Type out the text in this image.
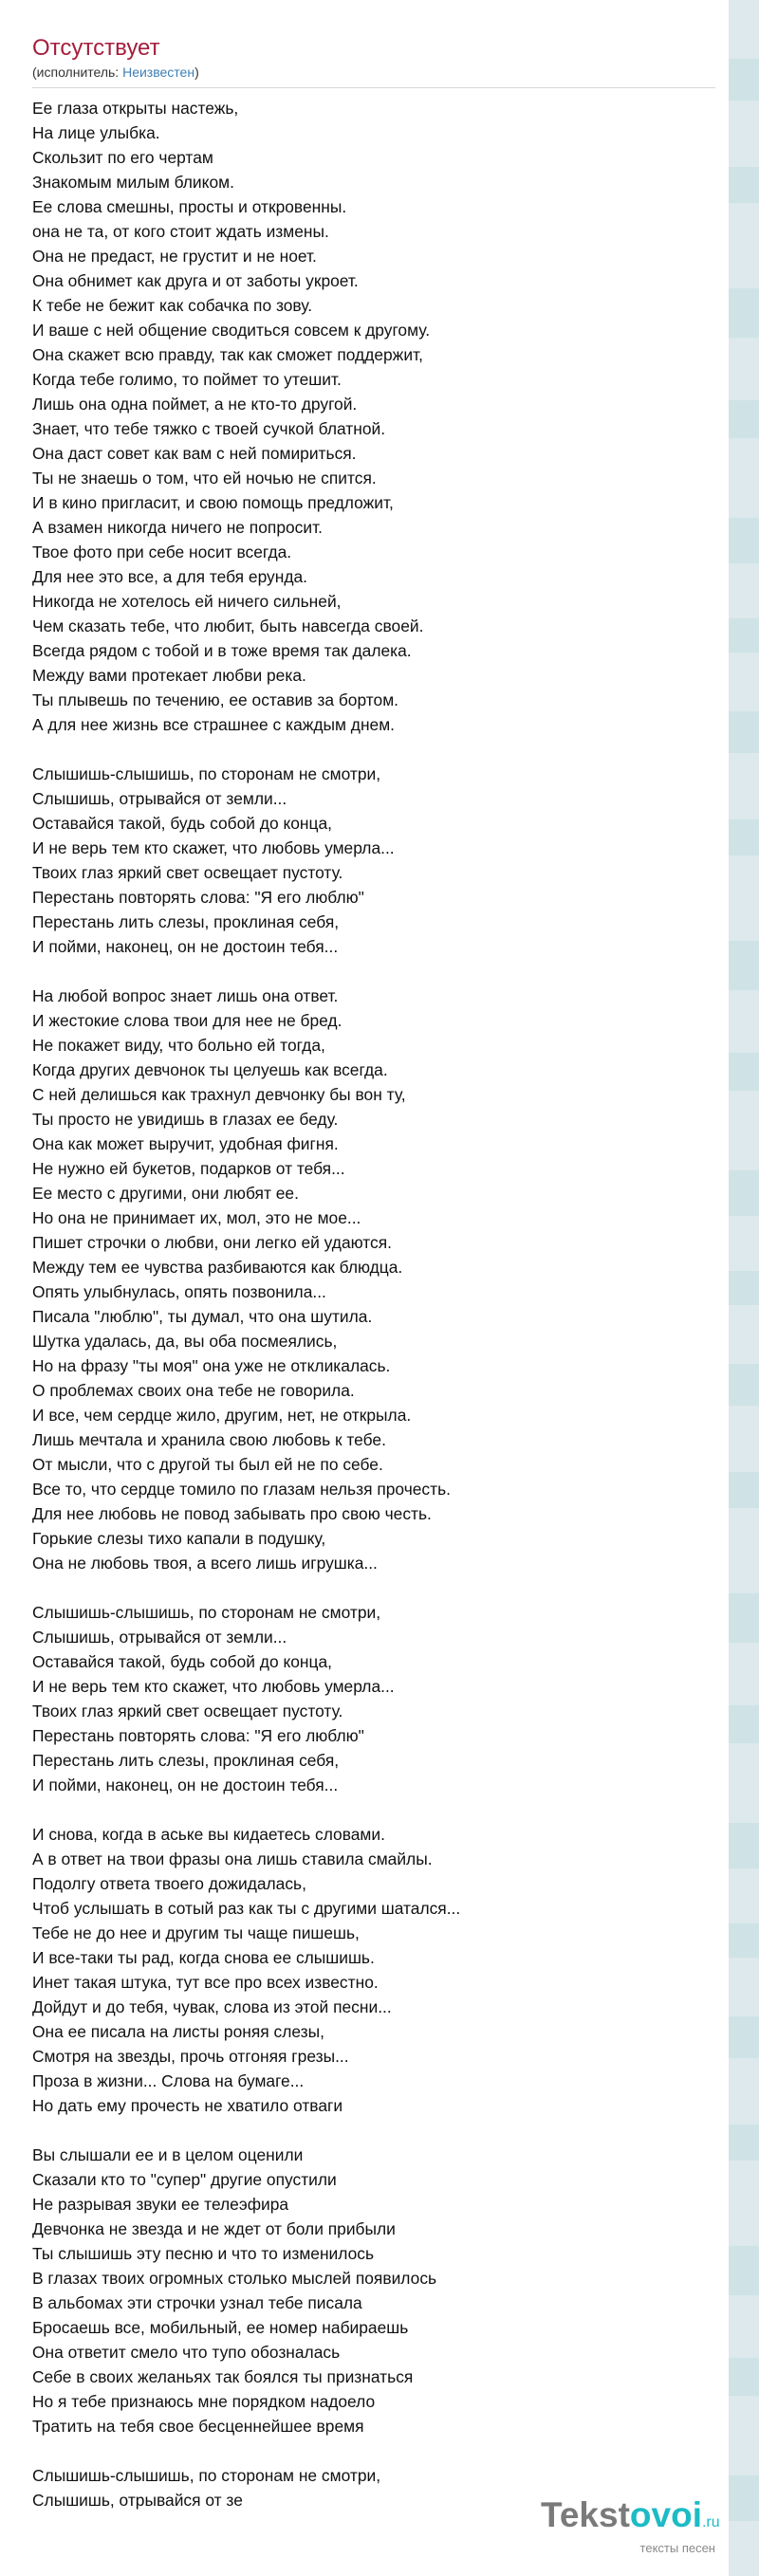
Отсутствует
(исполнитель: Неизвестен)
Ее глаза открыты настежь,
На лице улыбка.
Скользит по его чертам
Знакомым милым бликом.
Ее слова смешны, просты и откровенны.
она не та, от кого стоит ждать измены.
Она не предаст, не грустит и не ноет.
Она обнимет как друга и от заботы укроет.
К тебе не бежит как собачка по зову.
И ваше с ней общение сводиться совсем к другому.
Она скажет всю правду, так как сможет поддержит,
Когда тебе голимо, то поймет то утешит.
Лишь она одна поймет, а не кто-то другой.
Знает, что тебе тяжко с твоей сучкой блатной.
Она даст совет как вам с ней помириться.
Ты не знаешь о том, что ей ночью не спится.
И в кино пригласит, и свою помощь предложит,
А взамен никогда ничего не попросит.
Твое фото при себе носит всегда.
Для нее это все, а для тебя ерунда.
Никогда не хотелось ей ничего сильней,
Чем сказать тебе, что любит, быть навсегда своей.
Всегда рядом с тобой и в тоже время так далека.
Между вами протекает любви река.
Ты плывешь по течению, ее оставив за бортом.
А для нее жизнь все страшнее с каждым днем.
Слышишь-слышишь, по сторонам не смотри,
Слышишь, отрывайся от земли...
Оставайся такой, будь собой до конца,
И не верь тем кто скажет, что любовь умерла...
Твоих глаз яркий свет освещает пустоту.
Перестань повторять слова: "Я его люблю"
Перестань лить слезы, проклиная себя,
И пойми, наконец, он не достоин тебя...
На любой вопрос знает лишь она ответ.
И жестокие слова твои для нее не бред.
Не покажет виду, что больно ей тогда,
Когда других девчонок ты целуешь как всегда.
С ней делишься как трахнул девчонку бы вон ту,
Ты просто не увидишь в глазах ее беду.
Она как может выручит, удобная фигня.
Не нужно ей букетов, подарков от тебя...
Ее место с другими, они любят ее.
Но она не принимает их, мол, это не мое...
Пишет строчки о любви, они легко ей удаются.
Между тем ее чувства разбиваются как блюдца.
Опять улыбнулась, опять позвонила...
Писала "люблю", ты думал, что она шутила.
Шутка удалась, да, вы оба посмеялись,
Но на фразу "ты моя" она уже не откликалась.
О проблемах своих она тебе не говорила.
И все, чем сердце жило, другим, нет, не открыла.
Лишь мечтала и хранила свою любовь к тебе.
От мысли, что с другой ты был ей не по себе.
Все то, что сердце томило по глазам нельзя прочесть.
Для нее любовь не повод забывать про свою честь.
Горькие слезы тихо капали в подушку,
Она не любовь твоя, а всего лишь игрушка...
Слышишь-слышишь, по сторонам не смотри,
Слышишь, отрывайся от земли...
Оставайся такой, будь собой до конца,
И не верь тем кто скажет, что любовь умерла...
Твоих глаз яркий свет освещает пустоту.
Перестань повторять слова: "Я его люблю"
Перестань лить слезы, проклиная себя,
И пойми, наконец, он не достоин тебя...
И снова, когда в аське вы кидаетесь словами.
А в ответ на твои фразы она лишь ставила смайлы.
Подолгу ответа твоего дожидалась,
Чтоб услышать в сотый раз как ты с другими шатался...
Тебе не до нее и другим ты чаще пишешь,
И все-таки ты рад, когда снова ее слышишь.
Инет такая штука, тут все про всех известно.
Дойдут и до тебя, чувак, слова из этой песни...
Она ее писала на листы роняя слезы,
Смотря на звезды, прочь отгоняя грезы...
Проза в жизни... Слова на бумаге...
Но дать ему прочесть не хватило отваги
Вы слышали ее и в целом оценили
Сказали кто то "супер" другие опустили
Не разрывая звуки ее телеэфира
Девчонка не звезда и не ждет от боли прибыли
Ты слышишь эту песню и что то изменилось
В глазах твоих огромных столько мыслей появилось
В альбомах эти строчки узнал тебе писала
Бросаешь все, мобильный, ее номер набираешь
Она ответит смело что тупо обозналась
Себе в своих желаньях так боялся ты признаться
Но я тебе признаюсь мне порядком надоело
Тратить на тебя свое бесценнейшее время
Слышишь-слышишь, по сторонам не смотри,
Слышишь, отрывайся от зе	Tekstovoi.ru
тексты песен
